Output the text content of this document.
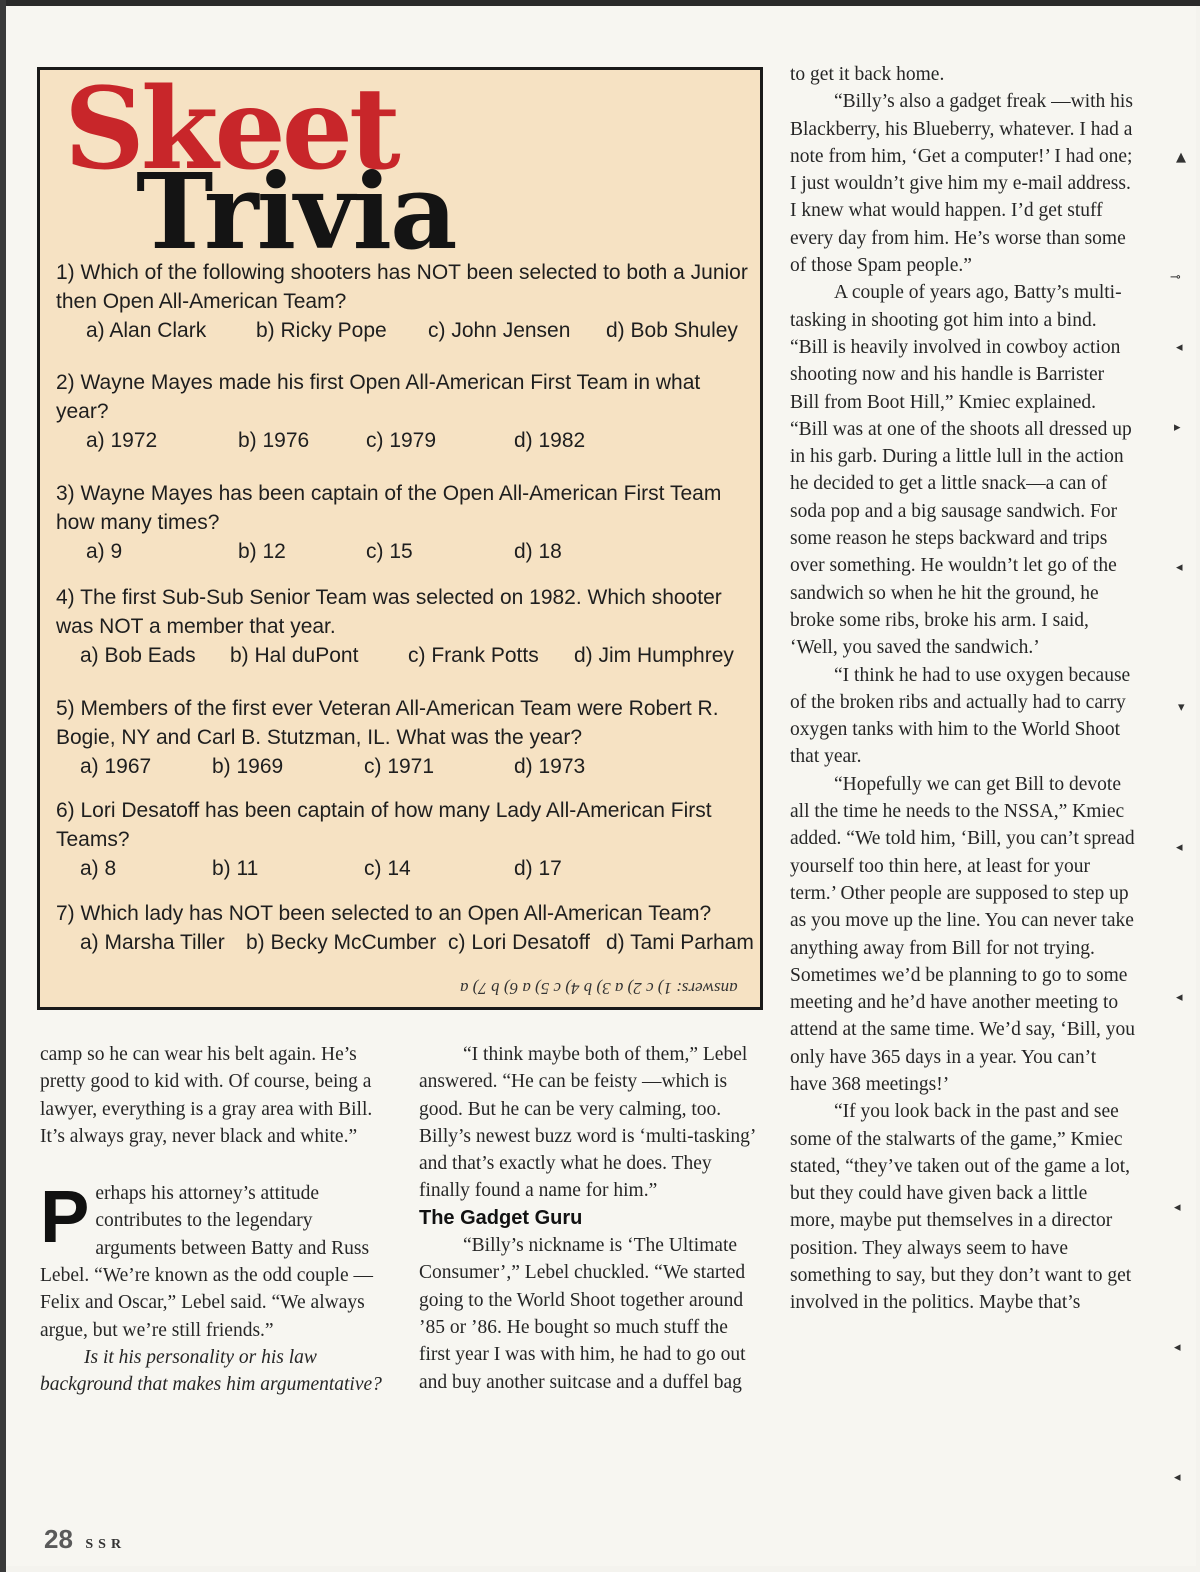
Skeet
Trivia
1) Which of the following shooters has NOT been selected to both a Junior then Open All-American Team?
a) Alan Clark b) Ricky Pope c) John Jensen d) Bob Shuley
2) Wayne Mayes made his first Open All-American First Team in what year?
a) 1972	b) 1976	c) 1979	d) 1982
3) Wayne Mayes has been captain of the Open All-American First Team how many times?
a) 9	b) 12	c) 15	d) 18
4) The first Sub-Sub Senior Team was selected on 1982. Which shooter was NOT a member that year.
a) Bob Eads b) Hal duPont c) Frank Potts d) Jim Humphrey
5) Members of the first ever Veteran All-American Team were Robert R. Bogie, NY and Carl B. Stutzman, IL. What was the year?
a) 1967	b) 1969	c) 1971	d) 1973
6) Lori Desatoff has been captain of how many Lady All-American First Teams?
a) 8	b) 11	c) 14	d) 17
7) Which lady has NOT been selected to an Open All-American Team?
a) Marsha Tiller b) Becky McCumber c) Lori Desatoff d) Tami Parham
answers: 1) c 2) a 3) b 4) c 5) a 6) b 7) a

camp so he can wear his belt again. He’s pretty good to kid with. Of course, being a lawyer, everything is a gray area with Bill. It’s always gray, never black and white.”

Perhaps his attorney’s attitude contributes to the legendary arguments between Batty and Russ Lebel. “We’re known as the odd couple —Felix and Oscar,” Lebel said. “We always argue, but we’re still friends.”

Is it his personality or his law background that makes him argumentative?

“I think maybe both of them,” Lebel answered. “He can be feisty —which is good. But he can be very calming, too. Billy’s newest buzz word is ‘multi-tasking’ and that’s exactly what he does. They finally found a name for him.”

The Gadget Guru

“Billy’s nickname is ‘The Ultimate Consumer’,” Lebel chuckled. “We started going to the World Shoot together around ’85 or ’86. He bought so much stuff the first year I was with him, he had to go out and buy another suitcase and a duffel bag

to get it back home.

“Billy’s also a gadget freak —with his Blackberry, his Blueberry, whatever. I had a note from him, ‘Get a computer!’ I had one; I just wouldn’t give him my e-mail address. I knew what would happen. I’d get stuff every day from him. He’s worse than some of those Spam people.”

A couple of years ago, Batty’s multi-tasking in shooting got him into a bind. “Bill is heavily involved in cowboy action shooting now and his handle is Barrister Bill from Boot Hill,” Kmiec explained. “Bill was at one of the shoots all dressed up in his garb. During a little lull in the action he decided to get a little snack—a can of soda pop and a big sausage sandwich. For some reason he steps backward and trips over something. He wouldn’t let go of the sandwich so when he hit the ground, he broke some ribs, broke his arm. I said, ‘Well, you saved the sandwich.’

“I think he had to use oxygen because of the broken ribs and actually had to carry oxygen tanks with him to the World Shoot that year.

“Hopefully we can get Bill to devote all the time he needs to the NSSA,” Kmiec added. “We told him, ‘Bill, you can’t spread yourself too thin here, at least for your term.’ Other people are supposed to step up as you move up the line. You can never take anything away from Bill for not trying. Sometimes we’d be planning to go to some meeting and he’d have another meeting to attend at the same time. We’d say, ‘Bill, you only have 365 days in a year. You can’t have 368 meetings!’

“If you look back in the past and see some of the stalwarts of the game,” Kmiec stated, “they’ve taken out of the game a lot, but they could have given back a little more, maybe put themselves in a director position. They always seem to have something to say, but they don’t want to get involved in the politics. Maybe that’s

▲
⊸
◂
▸
◂
▾
◂
◂
◂
◂
◂
28 SSR
